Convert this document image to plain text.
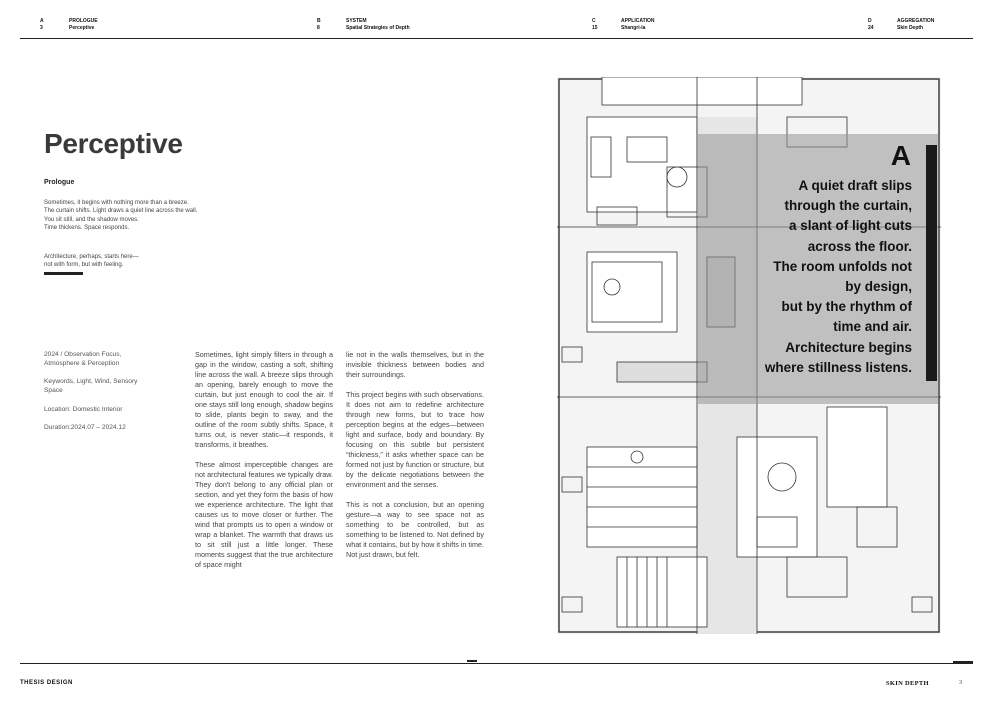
A	PROLOGUE
3	Perceptive
B	SYSTEM
8	Spatial Strategies of Depth
C	APPLICATION
15	Shangri-la
D	AGGREGATION
24	Skin Depth
Perceptive
Prologue
Sometimes, it begins with nothing more than a breeze.
The curtain shifts. Light draws a quiet line across the wall.
You sit still, and the shadow moves.
Time thickens. Space responds.
Architecture, perhaps, starts here—
not with form, but with feeling.
2024 / Observation Focus, Atmosphere & Perception
Keywords, Light, Wind, Sensory Space
Location: Domestic Interior
Duration:2024.07 – 2024.12

Sometimes, light simply filters in through a gap in the window, casting a soft, shifting line across the wall. A breeze slips through an opening, barely enough to move the curtain, but just enough to cool the air. If one stays still long enough, shadow begins to slide, plants begin to sway, and the outline of the room subtly shifts. Space, it turns out, is never static—it responds, it transforms, it breathes.

These almost imperceptible changes are not architectural features we typically draw. They don't belong to any official plan or section, and yet they form the basis of how we experience architecture. The light that causes us to move closer or further. The wind that prompts us to open a window or wrap a blanket. The warmth that draws us to sit still just a little longer. These moments suggest that the true architecture of space might

lie not in the walls themselves, but in the invisible thickness between bodies and their surroundings.

This project begins with such observations. It does not aim to redefine architecture through new forms, but to trace how perception begins at the edges—between light and surface, body and boundary. By focusing on this subtle but persistent “thickness,” it asks whether space can be formed not just by function or structure, but by the delicate negotiations between the environment and the senses.

This is not a conclusion, but an opening gesture—a way to see space not as something to be controlled, but as something to be listened to. Not defined by what it contains, but by how it shifts in time. Not just drawn, but felt.

A
A quiet draft slips
through the curtain,
a slant of light cuts
across the floor.
The room unfolds not
by design,
but by the rhythm of
time and air.
Architecture begins
where stillness listens.
THESIS DESIGN	SKIN DEPTH	3
